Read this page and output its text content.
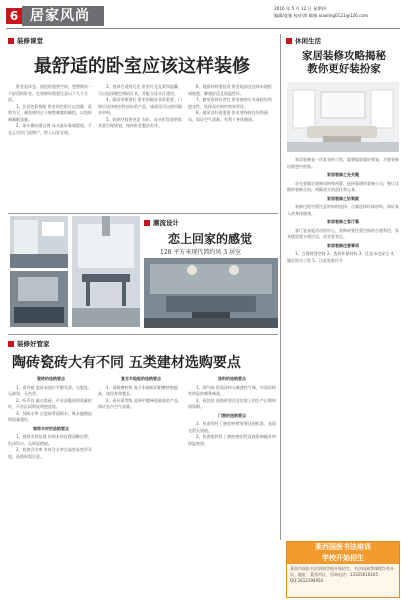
6 居家风尚	2016 年 5 月 12 日 星期四
编辑/聂雅 校对/胡 邮箱:xiaoling0121@126.com
装修课堂
最舒适的卧室应该这样装修

卧室是休息、放松的重要空间，想要拥有一个舒适的卧室，在装修时需要注意以下几个方面。

1、注意色彩搭配 卧室的色彩应以淡雅、柔和为主，避免使用过于鲜艳刺激的颜色，以免影响睡眠质量。

2、床头朝向要合理 床头最好靠墙摆放，不宜正对房门或窗户，给人以安全感。

3、选择合适的灯光 卧室灯光宜柔和温馨，可以选择暖色调的灯具，并配合床头灯使用。

4、隔音效果要好 卧室的隔音非常重要，门窗应选择密封性较好的产品，墙面也可以使用隔音材料。

5、收纳空间要充足 衣柜、床头柜等收纳家具要合理规划，保持卧室整洁有序。

6、地面材料要舒适 卧室地面宜选择木地板或地毯，脚感舒适且保温性好。

7、窗帘选择有讲究 卧室窗帘应具备较好的遮光性，选择双层窗帘效果更佳。

8、通风良好很重要 卧室要保持良好的通风，保证空气清新，有利于身体健康。

休闲生活
家居装修攻略揭秘
教你更好装扮家

家居装修是一项复杂的工程，需要提前做好规划，才能装修出理想中的家。

家居装修之先关键

首先要确定装修风格和预算，选择靠谱的装修公司，签订详细的装修合同，明确双方的责任和义务。

家居装修之协案款

装修过程中要注意材料的选择，尽量选择环保材料，保证家人的身体健康。

家居装修之客厅篇

客厅是家庭活动的中心，装修时要注重空间的合理利用，家具摆放要方便活动，采光要充足。

家居装修注意事项

1、合理规划空间 2、选择环保材料 3、注意水电安全 4、做好防水工程 5、注意验收环节

潮流设计
恋上回家的感觉
128 平方米现代简约风 3 居室
装修好管家
陶砖瓷砖大有不同 五类建材选购要点
瓷砖的选购要点

1、看外观 瓷砖表面应平整光滑，无裂纹、无缺角、无色差。

2、听声音 敲击瓷砖，声音清脆说明质量较好，声音沉闷则说明密度低。

3、试吸水率 在瓷砖背面倒水，吸水越慢说明质量越好。

装饰木材的选购要点

1、观察木材纹理 好的木材纹理清晰自然，色泽均匀，无明显疤痕。

2、检查含水率 木材含水率过高容易变形开裂，选购时需注意。

复合木地板的选购要点

1、看耐磨转数 复合木地板的耐磨转数越高，使用寿命越长。

2、看环保等级 选择甲醛释放量低的产品，保证室内空气质量。

涂料的选购要点

1、闻气味 优质涂料无刺激性气味，劣质涂料有明显的刺鼻味道。

2、看包装 选购时要注意包装上的生产日期和保质期。

门窗的选购要点

1、检查型材 门窗型材壁厚要达到标准，表面光滑无划痕。

2、检查密封性 门窗的密封性直接影响隔音和保温效果。

莱西国医书法培训
学校开始招生
莱西市国医书法培训学校开始招生，书法国画等课程均有开设。地址：莱西市区，咨询电话：13325616165 QQ:2612194950
